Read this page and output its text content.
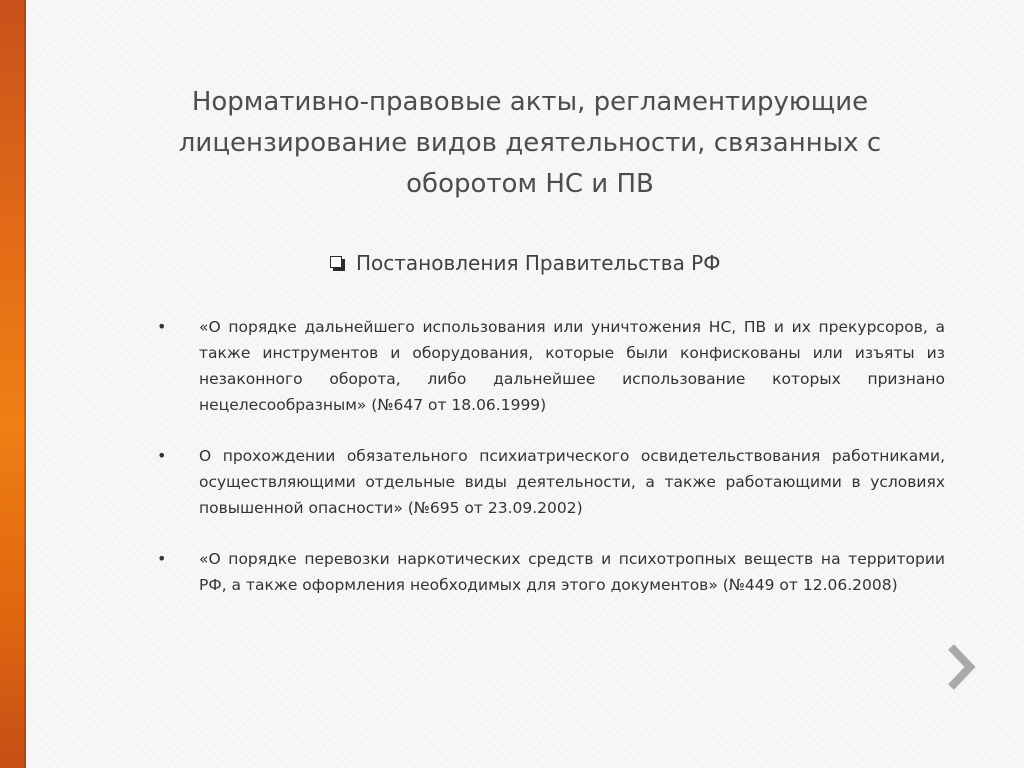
Нормативно-правовые акты, регламентирующие лицензирование видов деятельности, связанных с оборотом НС и ПВ
Постановления Правительства РФ
• «О порядке дальнейшего использования или уничтожения НС, ПВ и их прекурсоров, а также инструментов и оборудования, которые были конфискованы или изъяты из незаконного оборота, либо дальнейшее использование которых признано нецелесообразным» (№647 от 18.06.1999)
• О прохождении обязательного психиатрического освидетельствования работниками, осуществляющими отдельные виды деятельности, а также работающими в условиях повышенной опасности» (№695 от 23.09.2002)
• «О порядке перевозки наркотических средств и психотропных веществ на территории РФ, а также оформления необходимых для этого документов» (№449 от 12.06.2008)
